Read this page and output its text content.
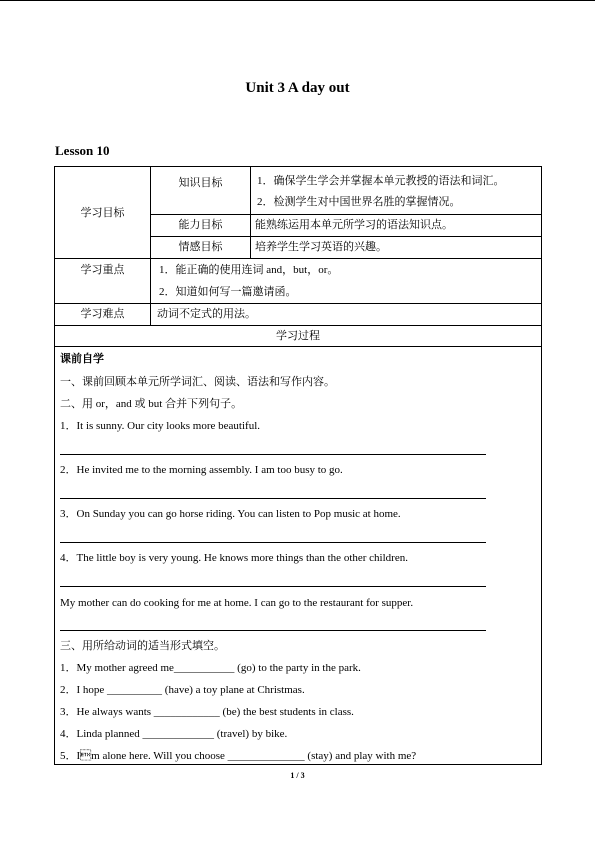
Unit 3 A day out
Lesson 10
学习目标
知识目标	1．确保学生学会并掌握本单元教授的语法和词汇。
2．检测学生对中国世界名胜的掌握情况。
能力目标	能熟练运用本单元所学习的语法知识点。
情感目标	培养学生学习英语的兴趣。
学习重点	1．能正确的使用连词 and，but，or。
2．知道如何写一篇邀请函。
学习难点	动词不定式的用法。
学习过程
课前自学
一、课前回顾本单元所学词汇、阅读、语法和写作内容。
二、用 or，and 或 but 合并下列句子。
1．It is sunny. Our city looks more beautiful.
2．He invited me to the morning assembly. I am too busy to go.
3．On Sunday you can go horse riding. You can listen to Pop music at home.
4．The little boy is very young. He knows more things than the other children.
My mother can do cooking for me at home. I can go to the restaurant for supper.
三、用所给动词的适当形式填空。
1．My mother agreed me___________ (go) to the party in the park.
2．I hope __________ (have) a toy plane at Christmas.
3．He always wants ____________ (be) the best students in class.
4．Linda planned _____________ (travel) by bike.
5．Im alone here. Will you choose ______________ (stay) and play with me?
1 / 3
